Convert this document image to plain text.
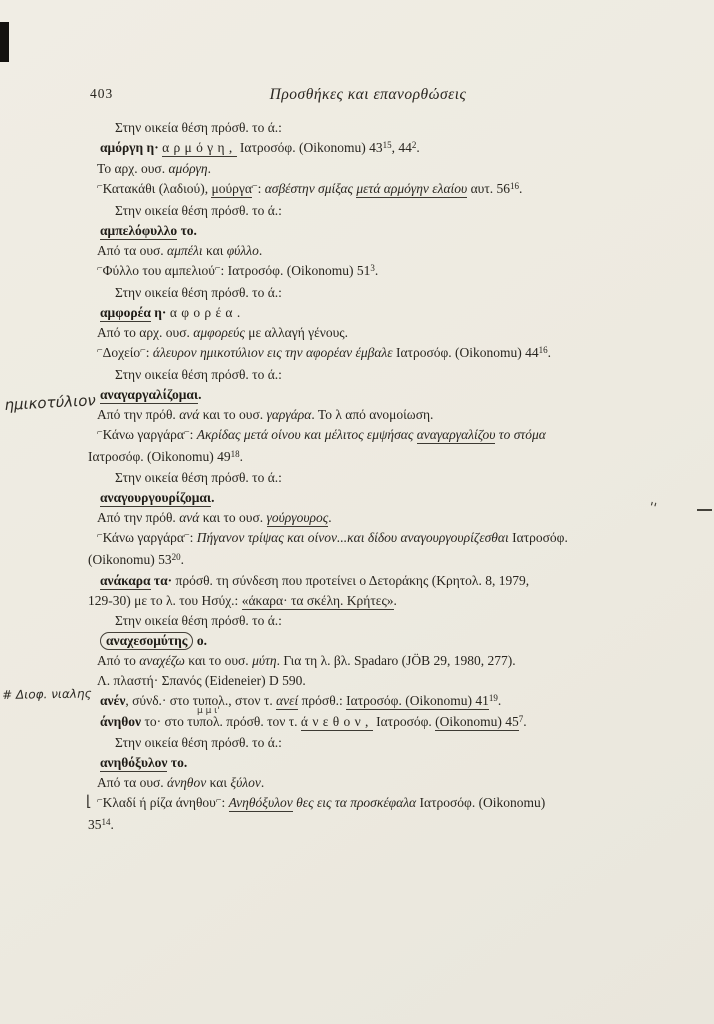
403	Προσθήκες και επανορθώσεις

Στην οικεία θέση πρόσθ. το ά.:

αμόργη η· αρμόγη, Ιατροσόφ. (Oikonomu) $43^{15}$, $44^2$.

Το αρχ. ουσ. αμόργη.

⌐Κατακάθι (λαδιού), μούργα⌐: ασβέστην σμίξας μετά αρμόγην ελαίου αυτ. $56^{16}$.

Στην οικεία θέση πρόσθ. το ά.:

αμπελόφυλλο το.

Από τα ουσ. αμπέλι και φύλλο.

⌐Φύλλο του αμπελιού⌐: Ιατροσόφ. (Oikonomu) $51^3$.

Στην οικεία θέση πρόσθ. το ά.:

αμφορέα η· αφορέα.

Από το αρχ. ουσ. αμφορεύς με αλλαγή γένους.

⌐Δοχείο⌐: άλευρον ημικοτύλιον εις την αφορέαν έμβαλε Ιατροσόφ. (Oikonomu) $44^{16}$.

Στην οικεία θέση πρόσθ. το ά.:

αναγαργαλίζομαι.

Από την πρόθ. ανά και το ουσ. γαργάρα. Το λ από ανομοίωση.

⌐Κάνω γαργάρα⌐: Ακρίδας μετά οίνου και μέλιτος εμψήσας αναγαργαλίζου το στόμα
Ιατροσόφ. (Oikonomu) $49^{18}$.

Στην οικεία θέση πρόσθ. το ά.:

αναγουργουρίζομαι.

Από την πρόθ. ανά και το ουσ. γούργουρος.

⌐Κάνω γαργάρα⌐: Πήγανον τρίψας και οίνον...και δίδου αναγουργουρίζεσθαι Ιατροσόφ.
(Oikonomu) $53^{20}$.

ανάκαρα τα· πρόσθ. τη σύνδεση που προτείνει ο Δετοράκης (Κρητολ. 8, 1979,
129-30) με το λ. του Ησύχ.: «άκαρα· τα σκέλη. Κρήτες».

Στην οικεία θέση πρόσθ. το ά.:

αναχεσομύτης ο.

Από το αναχέζω και το ουσ. μύτη. Για τη λ. βλ. Spadaro (JÖB 29, 1980, 277).

Λ. πλαστή· Σπανός (Eideneier) D 590.

ανέν, σύνδ.· στο τυπολ., στον τ. ανεί πρόσθ.: Ιατροσόφ. (Oikonomu) $41^{19}$.

άνηθον το· στο τυπολ. πρόσθ. τον τ. άνεθον, Ιατροσόφ. (Oikonomu) $45^7$.

Στην οικεία θέση πρόσθ. το ά.:

ανηθόξυλον το.

Από τα ουσ. άνηθον και ξύλον.

⌐Κλαδί ή ρίζα άνηθου⌐: Ανηθόξυλον θες εις τα προσκέφαλα Ιατροσόφ. (Oikonomu)
$35^{14}$.

ημικοτύλιον
# Διοφ. νιαλης
μ μ ι'
⌊
''
